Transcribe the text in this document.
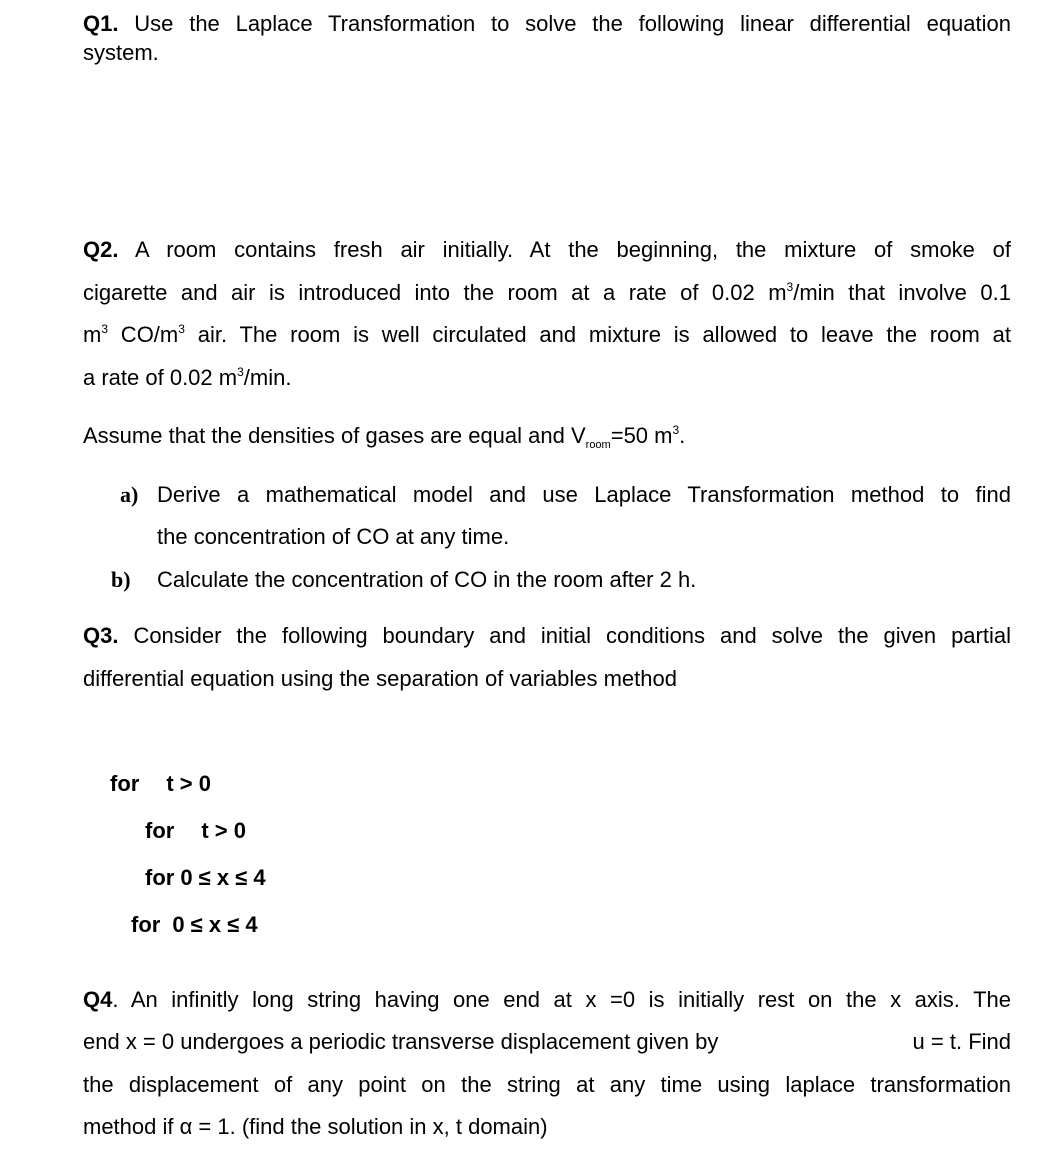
Q1. Use the Laplace Transformation to solve the following linear differential equation
system.
Q2. A room contains fresh air initially. At the beginning, the mixture of smoke of
cigarette and air is introduced into the room at a rate of 0.02 $m^3/\min$ that involve 0.1
$m^3$ $CO/m^3$ air. The room is well circulated and mixture is allowed to leave the room at
a rate of 0.02 $m^3/\min$.
Assume that the densities of gases are equal and $V_{room}=50$ $m^3$.
a) Derive a mathematical model and use Laplace Transformation method to find
the concentration of CO at any time.
b) Calculate the concentration of CO in the room after 2 h.
Q3. Consider the following boundary and initial conditions and solve the given partial
differential equation using the separation of variables method
for t > 0
for t > 0
for 0 ≤ x ≤ 4
for 0 ≤ x ≤ 4
Q4. An infinitly long string having one end at x =0 is initially rest on the x axis. The
end x = 0 undergoes a periodic transverse displacement given by	u = t. Find
the displacement of any point on the string at any time using laplace transformation
method if α = 1. (find the solution in x, t domain)
